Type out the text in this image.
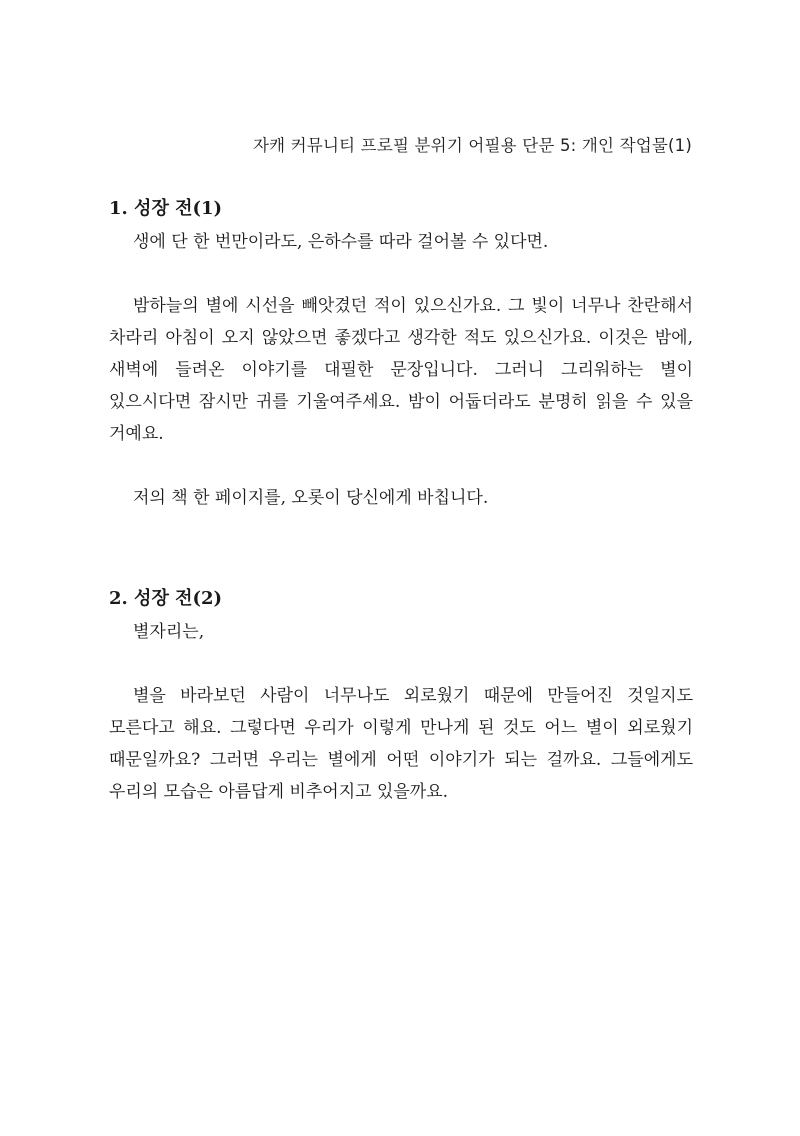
자캐 커뮤니티 프로필 분위기 어필용 단문 5: 개인 작업물(1)
1. 성장 전(1)

생에 단 한 번만이라도, 은하수를 따라 걸어볼 수 있다면.

밤하늘의 별에 시선을 빼앗겼던 적이 있으신가요. 그 빛이 너무나 찬란해서 차라리 아침이 오지 않았으면 좋겠다고 생각한 적도 있으신가요. 이것은 밤에, 새벽에 들려온 이야기를 대필한 문장입니다. 그러니 그리워하는 별이 있으시다면 잠시만 귀를 기울여주세요. 밤이 어둡더라도 분명히 읽을 수 있을 거예요.

저의 책 한 페이지를, 오롯이 당신에게 바칩니다.

2. 성장 전(2)

별자리는,

별을 바라보던 사람이 너무나도 외로웠기 때문에 만들어진 것일지도 모른다고 해요. 그렇다면 우리가 이렇게 만나게 된 것도 어느 별이 외로웠기 때문일까요? 그러면 우리는 별에게 어떤 이야기가 되는 걸까요. 그들에게도 우리의 모습은 아름답게 비추어지고 있을까요.
